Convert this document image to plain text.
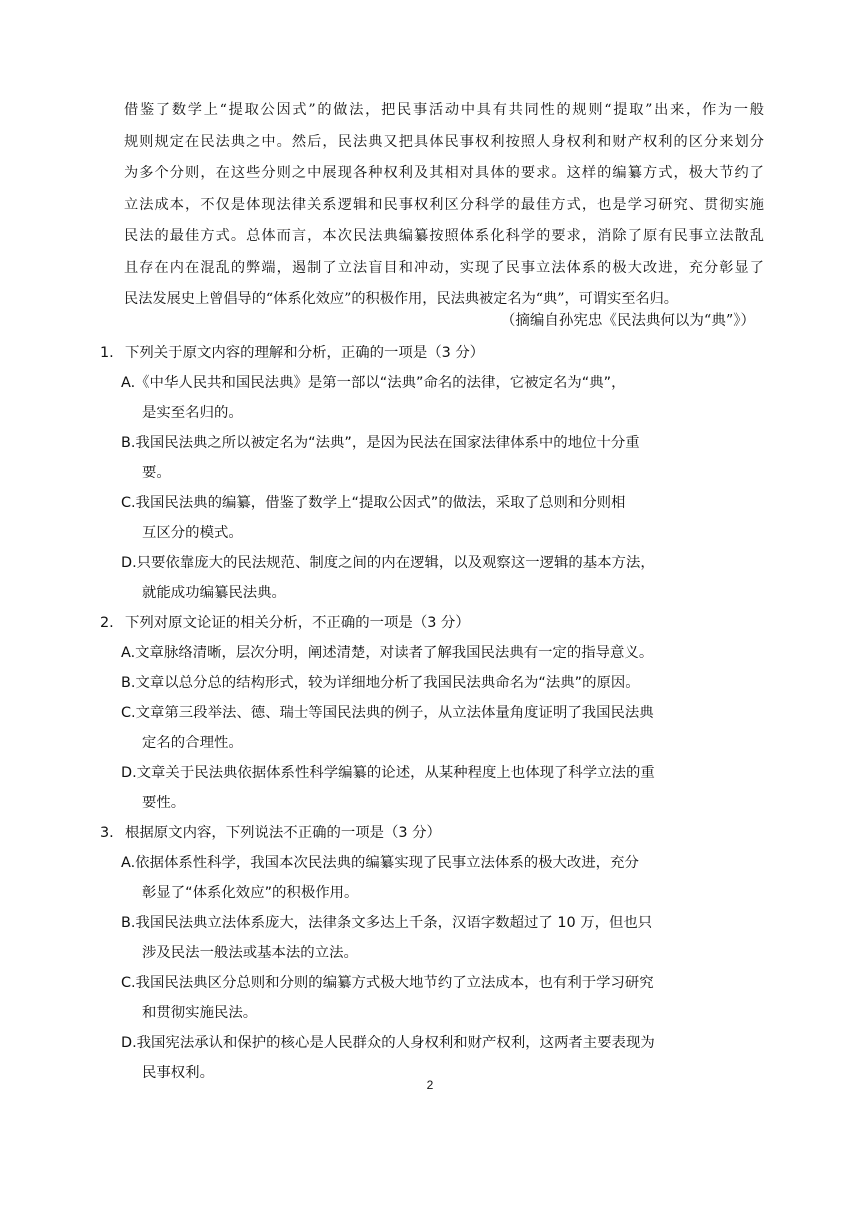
借鉴了数学上“提取公因式”的做法，把民事活动中具有共同性的规则“提取”出来，作为一般
规则规定在民法典之中。然后，民法典又把具体民事权利按照人身权利和财产权利的区分来划分
为多个分则，在这些分则之中展现各种权利及其相对具体的要求。这样的编纂方式，极大节约了
立法成本，不仅是体现法律关系逻辑和民事权利区分科学的最佳方式，也是学习研究、贯彻实施
民法的最佳方式。总体而言，本次民法典编纂按照体系化科学的要求，消除了原有民事立法散乱
且存在内在混乱的弊端，遏制了立法盲目和冲动，实现了民事立法体系的极大改进，充分彰显了
民法发展史上曾倡导的“体系化效应”的积极作用，民法典被定名为“典”，可谓实至名归。
（摘编自孙宪忠《民法典何以为“典”》）
1. 下列关于原文内容的理解和分析，正确的一项是（3 分）
A.《中华人民共和国民法典》是第一部以“法典”命名的法律，它被定名为“典”，
是实至名归的。
B.我国民法典之所以被定名为“法典”，是因为民法在国家法律体系中的地位十分重
要。
C.我国民法典的编纂，借鉴了数学上“提取公因式”的做法，采取了总则和分则相
互区分的模式。
D.只要依靠庞大的民法规范、制度之间的内在逻辑，以及观察这一逻辑的基本方法，
就能成功编纂民法典。
2. 下列对原文论证的相关分析，不正确的一项是（3 分）
A.文章脉络清晰，层次分明，阐述清楚，对读者了解我国民法典有一定的指导意义。
B.文章以总分总的结构形式，较为详细地分析了我国民法典命名为“法典”的原因。
C.文章第三段举法、德、瑞士等国民法典的例子，从立法体量角度证明了我国民法典
定名的合理性。
D.文章关于民法典依据体系性科学编纂的论述，从某种程度上也体现了科学立法的重
要性。
3. 根据原文内容，下列说法不正确的一项是（3 分）
A.依据体系性科学，我国本次民法典的编纂实现了民事立法体系的极大改进，充分
彰显了“体系化效应”的积极作用。
B.我国民法典立法体系庞大，法律条文多达上千条，汉语字数超过了 10 万，但也只
涉及民法一般法或基本法的立法。
C.我国民法典区分总则和分则的编纂方式极大地节约了立法成本，也有利于学习研究
和贯彻实施民法。
D.我国宪法承认和保护的核心是人民群众的人身权利和财产权利，这两者主要表现为
民事权利。
2
